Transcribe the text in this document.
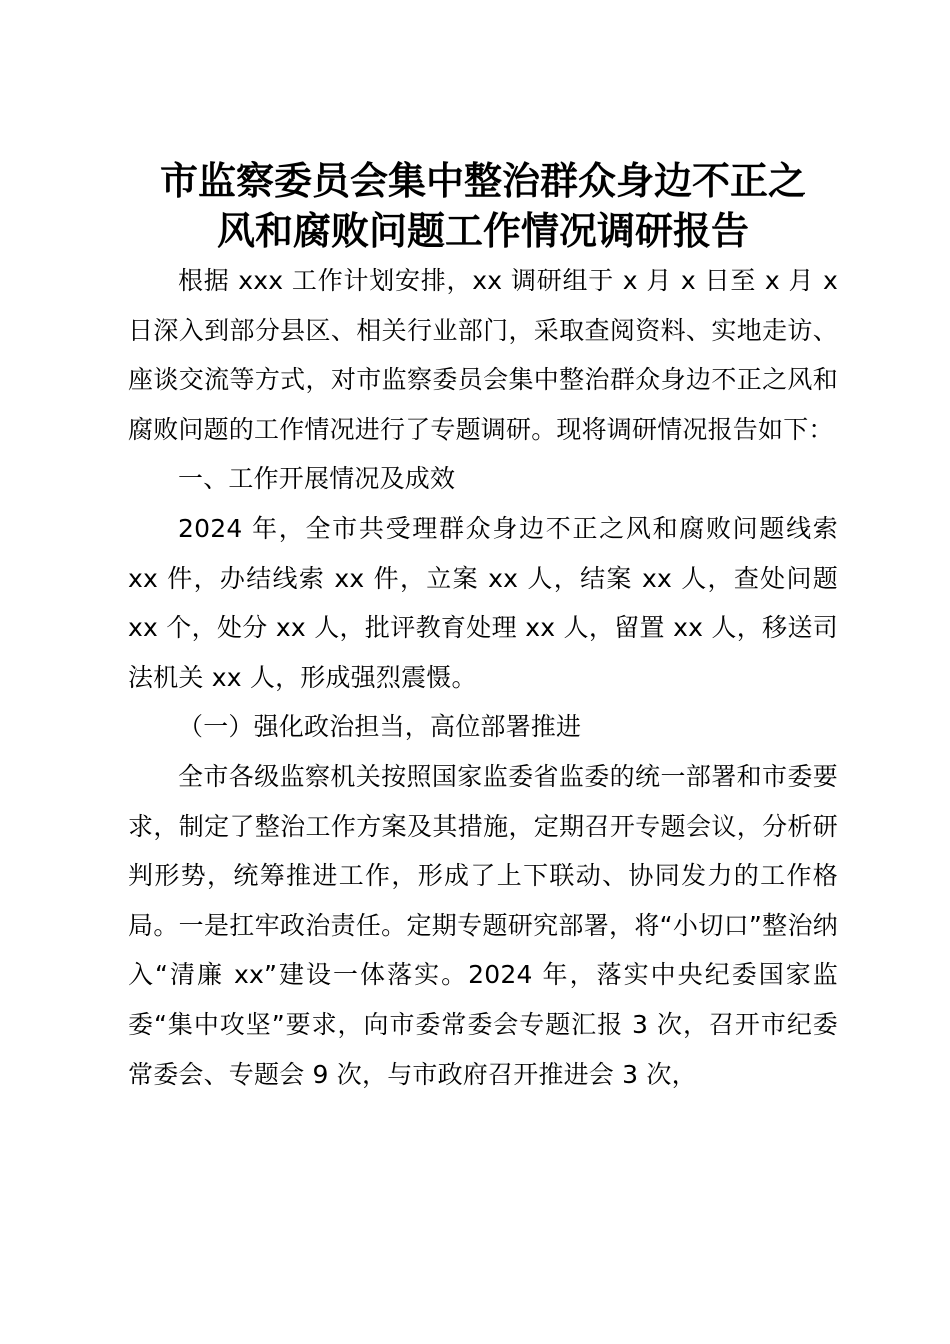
市监察委员会集中整治群众身边不正之
风和腐败问题工作情况调研报告

根据 xxx 工作计划安排，xx 调研组于 x 月 x 日至 x 月 x 日深入到部分县区、相关行业部门，采取查阅资料、实地走访、座谈交流等方式，对市监察委员会集中整治群众身边不正之风和腐败问题的工作情况进行了专题调研。现将调研情况报告如下：

一、工作开展情况及成效

2024 年，全市共受理群众身边不正之风和腐败问题线索 xx 件，办结线索 xx 件，立案 xx 人，结案 xx 人，查处问题 xx 个，处分 xx 人，批评教育处理 xx 人，留置 xx 人，移送司法机关 xx 人，形成强烈震慑。

（一）强化政治担当，高位部署推进

全市各级监察机关按照国家监委省监委的统一部署和市委要求，制定了整治工作方案及其措施，定期召开专题会议，分析研判形势，统筹推进工作，形成了上下联动、协同发力的工作格局。一是扛牢政治责任。定期专题研究部署，将“小切口”整治纳入“清廉 xx”建设一体落实。2024 年，落实中央纪委国家监委“集中攻坚”要求，向市委常委会专题汇报 3 次，召开市纪委常委会、专题会 9 次，与市政府召开推进会 3 次，
